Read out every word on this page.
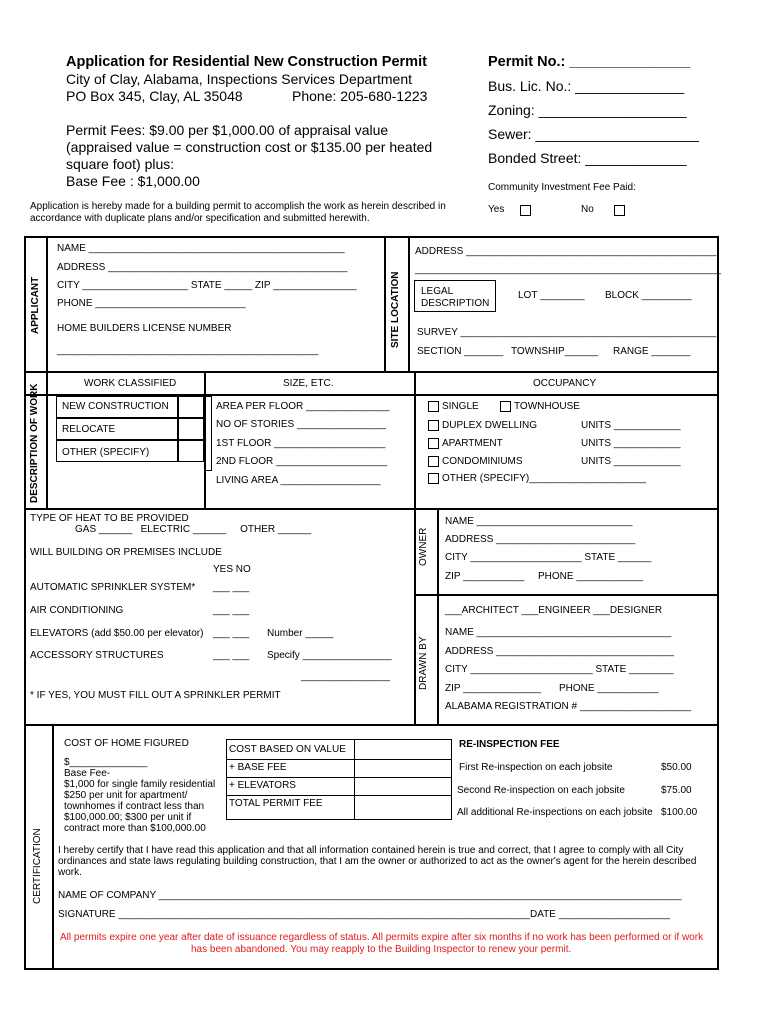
Application for Residential New Construction Permit
City of Clay, Alabama, Inspections Services Department
PO Box 345, Clay, AL 35048	Phone: 205-680-1223
Permit Fees: $9.00 per $1,000.00 of appraisal value
(appraised value = construction cost or $135.00 per heated
square foot) plus:
Base Fee : $1,000.00
Application is hereby made for a building permit to accomplish the work as herein described in
accordance with duplicate plans and/or specification and submitted herewith.
Permit No.: _______________
Bus. Lic. No.: ______________
Zoning: ___________________
Sewer: _____________________
Bonded Street: _____________
Community Investment Fee Paid:
Yes	No
APPLICANT
NAME ______________________________________________
ADDRESS ___________________________________________
CITY ___________________ STATE _____ ZIP _______________
PHONE ___________________________
HOME BUILDERS LICENSE NUMBER
_______________________________________________
SITE LOCATION
ADDRESS _____________________________________________
_______________________________________________________
LEGAL
DESCRIPTION
LOT ________ BLOCK _________
SURVEY ______________________________________________
SECTION _______ TOWNSHIP______ RANGE _______
DESCRIPTION OF WORK
WORK CLASSIFIED	SIZE, ETC.	OCCUPANCY
NEW CONSTRUCTION
RELOCATE
OTHER (SPECIFY)
AREA PER FLOOR _______________
NO OF STORIES ________________
1ST FLOOR ____________________
2ND FLOOR ____________________
LIVING AREA __________________
SINGLE	TOWNHOUSE
DUPLEX DWELLING	UNITS ____________
APARTMENT	UNITS ____________
CONDOMINIUMS	UNITS ____________
OTHER (SPECIFY)_____________________
TYPE OF HEAT TO BE PROVIDED
GAS ______   ELECTRIC ______     OTHER ______
WILL BUILDING OR PREMISES INCLUDE
YES NO
AUTOMATIC SPRINKLER SYSTEM* ___ ___
AIR CONDITIONING	___ ___
ELEVATORS (add $50.00 per elevator) ___ ___ Number _____
ACCESSORY STRUCTURES	___ ___ Specify ________________
________________
* IF YES, YOU MUST FILL OUT A SPRINKLER PERMIT
OWNER
NAME ____________________________
ADDRESS _________________________
CITY ____________________ STATE ______
ZIP ___________ PHONE ____________
DRAWN BY
___ARCHITECT ___ENGINEER ___DESIGNER
NAME ___________________________________
ADDRESS ________________________________
CITY ______________________ STATE ________
ZIP ______________ PHONE ___________
ALABAMA REGISTRATION # ____________________
CERTIFICATION
COST OF HOME FIGURED
$______________
Base Fee-
$1,000 for single family residential
$250 per unit for apartment/
townhomes if contract less than
$100,000.00; $300 per unit if
contract more than $100,000.00
COST BASED ON VALUE
+ BASE FEE
+ ELEVATORS
TOTAL PERMIT FEE
RE-INSPECTION FEE
First Re-inspection on each jobsite	$50.00
Second Re-inspection on each jobsite	$75.00
All additional Re-inspections on each jobsite $100.00
I hereby certify that I have read this application and that all information contained herein is true and correct, that I agree to comply with all City
ordinances and state laws regulating building construction, that I am the owner or authorized to act as the owner's agent for the herein described
work.
NAME OF COMPANY ______________________________________________________________________________________________
SIGNATURE __________________________________________________________________________ DATE ____________________
All permits expire one year after date of issuance regardless of status. All permits expire after six months if no work has been performed or if work
has been abandoned. You may reapply to the Building Inspector to renew your permit.
